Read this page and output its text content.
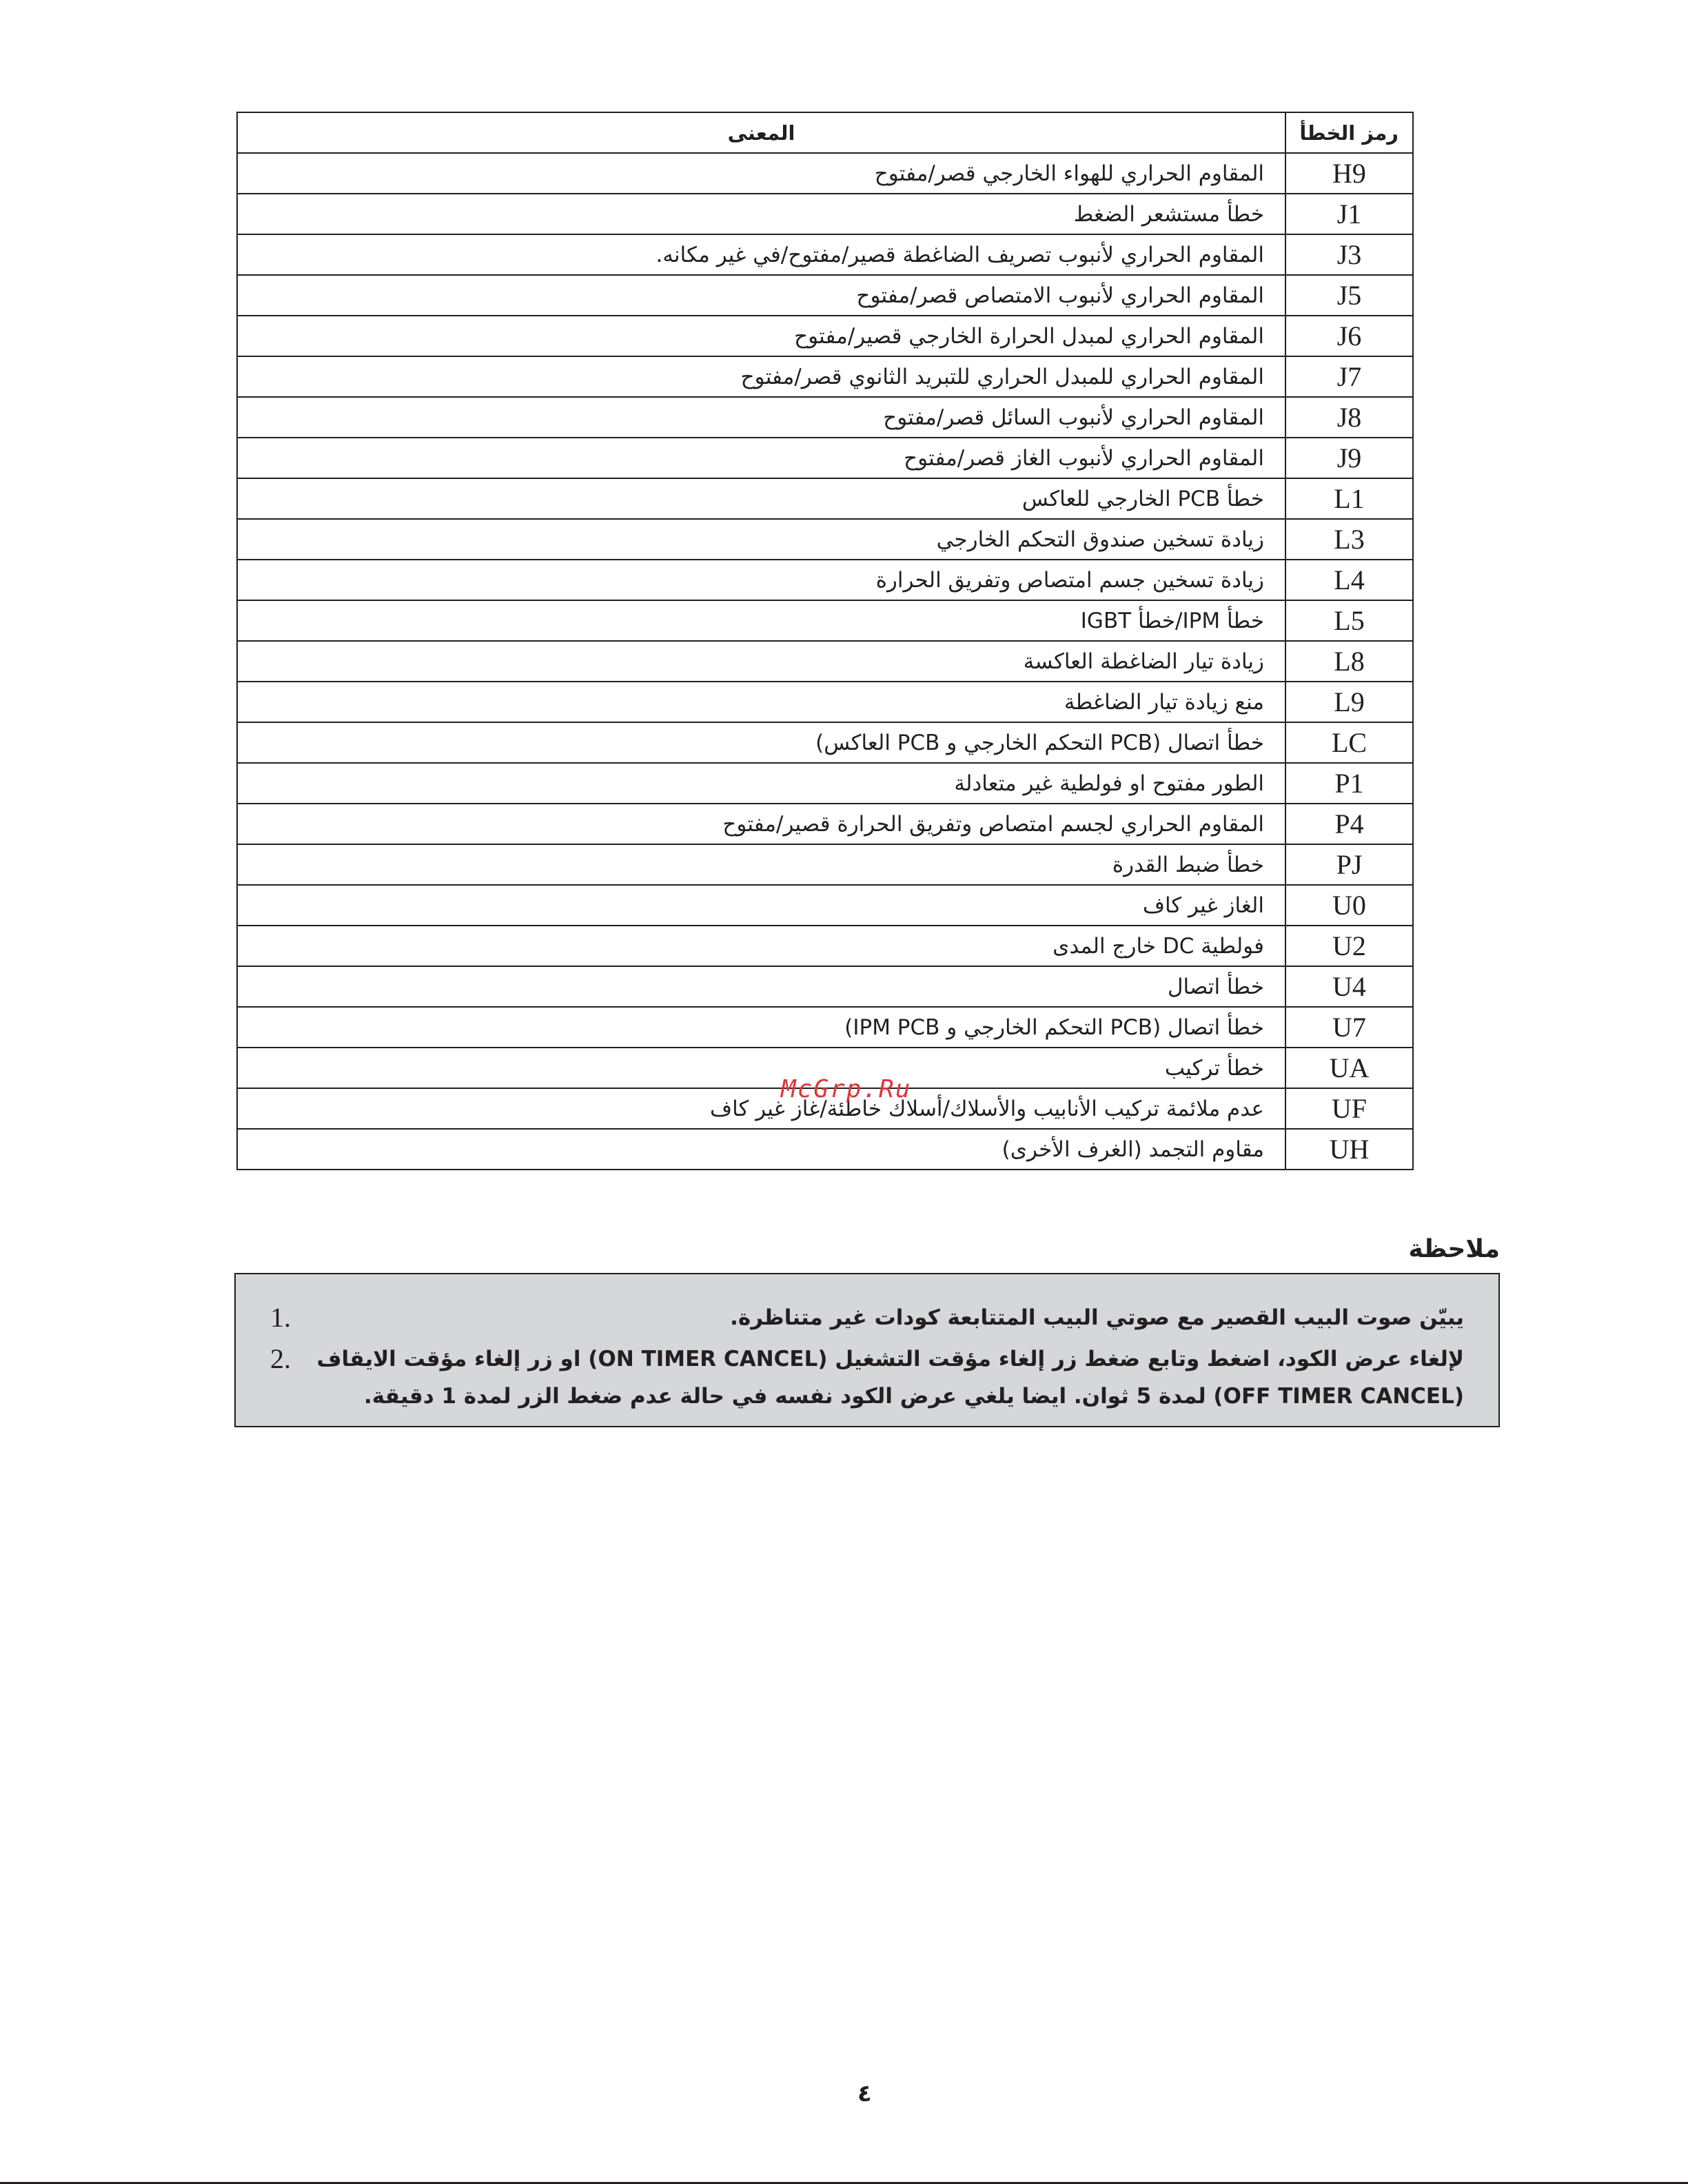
رمز الخطأ	المعنى
H9	المقاوم الحراري للهواء الخارجي قصر/مفتوح
J1	خطأ مستشعر الضغط
J3	المقاوم الحراري لأنبوب تصريف الضاغطة قصير/مفتوح/في غير مكانه.
J5	المقاوم الحراري لأنبوب الامتصاص قصر/مفتوح
J6	المقاوم الحراري لمبدل الحرارة الخارجي قصير/مفتوح
J7	المقاوم الحراري للمبدل الحراري للتبريد الثانوي قصر/مفتوح
J8	المقاوم الحراري لأنبوب السائل قصر/مفتوح
J9	المقاوم الحراري لأنبوب الغاز قصر/مفتوح
L1	خطأ PCB الخارجي للعاكس
L3	زيادة تسخين صندوق التحكم الخارجي
L4	زيادة تسخين جسم امتصاص وتفريق الحرارة
L5	خطأ IPM/خطأ IGBT
L8	زيادة تيار الضاغطة العاكسة
L9	منع زيادة تيار الضاغطة
LC	خطأ اتصال (PCB التحكم الخارجي و PCB العاكس)
P1	الطور مفتوح او فولطية غير متعادلة
P4	المقاوم الحراري لجسم امتصاص وتفريق الحرارة قصير/مفتوح
PJ	خطأ ضبط القدرة
U0	الغاز غير كاف
U2	فولطية DC خارج المدى
U4	خطأ اتصال
U7	خطأ اتصال (PCB التحكم الخارجي و IPM PCB)
UA	خطأ تركيب
UF	عدم ملائمة تركيب الأنابيب والأسلاك/أسلاك خاطئة/غاز غير كاف
UH	مقاوم التجمد (الغرف الأخرى)
McGrp.Ru
ملاحظة
يبيّن صوت البيب القصير مع صوتي البيب المتتابعة كودات غير متناظرة.
1.
لإلغاء عرض الكود، اضغط وتابع ضغط زر إلغاء مؤقت التشغيل (ON TIMER CANCEL) او زر إلغاء مؤقت الايقاف (OFF TIMER CANCEL) لمدة 5 ثوان. ايضا يلغي عرض الكود نفسه في حالة عدم ضغط الزر لمدة 1 دقيقة.
2.
٤
